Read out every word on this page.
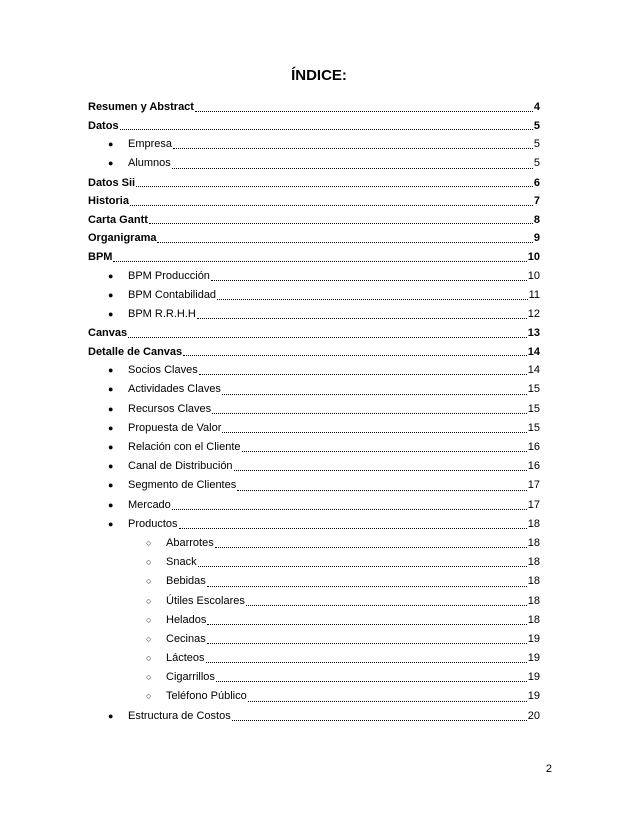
ÍNDICE:
Resumen y Abstract	4
Datos	5
●	Empresa	5
●	Alumnos	5
Datos Sii	6
Historia	7
Carta Gantt	8
Organigrama	9
BPM	10
●	BPM Producción	10
●	BPM Contabilidad	11
●	BPM R.R.H.H	12
Canvas	13
Detalle de Canvas	14
●	Socios Claves	14
●	Actividades Claves	15
●	Recursos Claves	15
●	Propuesta de Valor	15
●	Relación con el Cliente	16
●	Canal de Distribución	16
●	Segmento de Clientes	17
●	Mercado	17
●	Productos	18
○	Abarrotes	18
○	Snack	18
○	Bebidas	18
○	Útiles Escolares	18
○	Helados	18
○	Cecinas	19
○	Lácteos	19
○	Cigarrillos	19
○	Teléfono Público	19
●	Estructura de Costos	20
2
